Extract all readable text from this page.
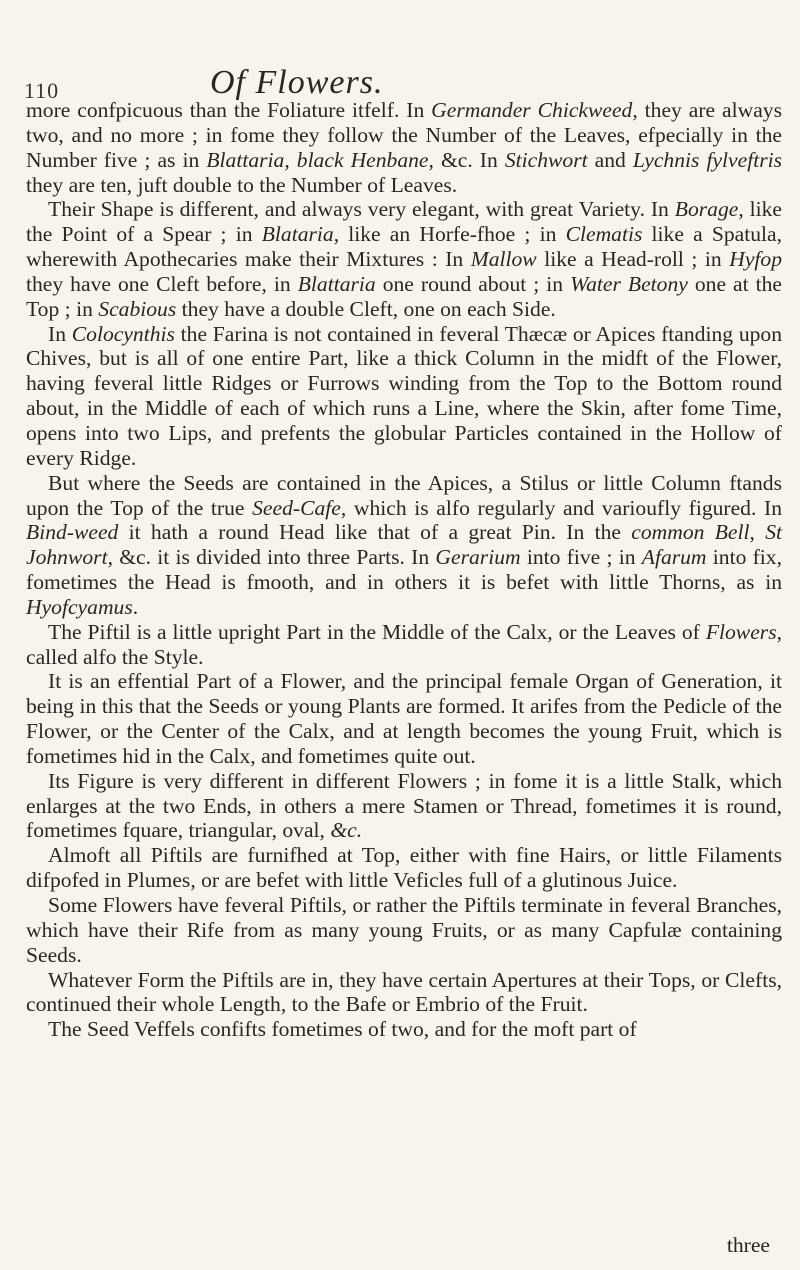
110	Of Flowers.

more confpicuous than the Foliature itfelf. In Germander Chickweed, they are always two, and no more ; in fome they follow the Number of the Leaves, efpecially in the Number five ; as in Blattaria, black Henbane, &c. In Stichwort and Lychnis fylveftris they are ten, juft double to the Number of Leaves.

Their Shape is different, and always very elegant, with great Variety. In Borage, like the Point of a Spear ; in Blataria, like an Horfe-fhoe ; in Clematis like a Spatula, wherewith Apothecaries make their Mixtures : In Mallow like a Head-roll ; in Hyfop they have one Cleft before, in Blattaria one round about ; in Water Betony one at the Top ; in Scabious they have a double Cleft, one on each Side.

In Colocynthis the Farina is not contained in feveral Thæcæ or Apices ftanding upon Chives, but is all of one entire Part, like a thick Column in the midft of the Flower, having feveral little Ridges or Furrows winding from the Top to the Bottom round about, in the Middle of each of which runs a Line, where the Skin, after fome Time, opens into two Lips, and prefents the globular Particles contained in the Hollow of every Ridge.

But where the Seeds are contained in the Apices, a Stilus or little Column ftands upon the Top of the true Seed-Cafe, which is alfo regularly and varioufly figured. In Bind-weed it hath a round Head like that of a great Pin. In the common Bell, St Johnwort, &c. it is divided into three Parts. In Gerarium into five ; in Afarum into fix, fometimes the Head is fmooth, and in others it is befet with little Thorns, as in Hyofcyamus.

The Piftil is a little upright Part in the Middle of the Calx, or the Leaves of Flowers, called alfo the Style.

It is an effential Part of a Flower, and the principal female Organ of Generation, it being in this that the Seeds or young Plants are formed. It arifes from the Pedicle of the Flower, or the Center of the Calx, and at length becomes the young Fruit, which is fometimes hid in the Calx, and fometimes quite out.

Its Figure is very different in different Flowers ; in fome it is a little Stalk, which enlarges at the two Ends, in others a mere Stamen or Thread, fometimes it is round, fometimes fquare, triangular, oval, &c.

Almoft all Piftils are furnifhed at Top, either with fine Hairs, or little Filaments difpofed in Plumes, or are befet with little Veficles full of a glutinous Juice.

Some Flowers have feveral Piftils, or rather the Piftils terminate in feveral Branches, which have their Rife from as many young Fruits, or as many Capfulæ containing Seeds.

Whatever Form the Piftils are in, they have certain Apertures at their Tops, or Clefts, continued their whole Length, to the Bafe or Embrio of the Fruit.

The Seed Veffels confifts fometimes of two, and for the moft part of

three
